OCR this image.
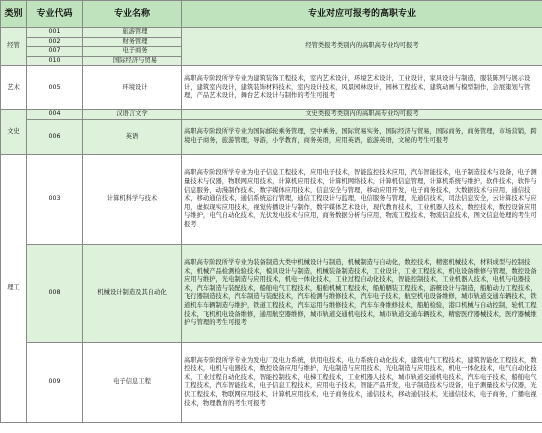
类别	专业代码	专业名称	专业对应可报考的高职专业
经管	001	旅游管理	经管类报考类别内的高职高专业均可报考
	002	财务管理	
	007	电子商务	
	010	国际经济与贸易	
艺术	005	环境设计	高职高专阶段所学专业为建筑装饰工程技术，室内艺术设计，环境艺术设计，工业设计，家具设计与制造，服装陈列与展示设计，建筑室内设计，建筑装饰材料技术，室内设计技术，风景园林设计，园林工程技术，建筑动画与模型制作，会展策划与管理，产品艺术设计，舞台艺术设计与制作的考生可报考
文史	004	汉语言文学	文史类报考类别内的高职高专业均可报考
	006	英语	高职高专阶段所学专业为国际邮轮乘务管理，空中乘务，国际贸易实务，国际经济与贸易，国际商务，商务管理，市场营销，跨境电子商务，旅游管理，导游，小学教育，商务英语，应用英语，旅游英语，文秘的考生可报考
理工	003	计算机科学与技术	高职高专阶段所学专业为电子信息工程技术，应用电子技术，智能监控技术应用，汽车智能技术，电子制造技术与设备，电子测量技术与仪器，物联网应用技术，计算机应用技术，计算机网络技术，计算机信息管理，计算机系统与维护，软件技术，软件与信息服务，动漫制作技术，数字媒体应用技术，信息安全与管理，移动应用开发，电子商务技术，大数据技术与应用，通信技术，移动通信技术，通信系统运行管理，通信工程设计与监理，电信服务与管理，光通信技术，司法信息安全，云计算技术与应用，虚拟现实应用技术，视觉传播设计与制作，数字媒体艺术设计，现代教育技术，工业机器人技术，数控技术，数控设备应用与维护，电气自动化技术，光伏发电技术与应用，商务数据分析与应用，物流工程技术，物流信息技术，图文信息处理的考生可报考
	008	机械设计制造及其自动化	高职高专阶段所学专业为装备制造大类中机械设计与制造，机械制造与自动化，数控技术，精密机械技术，材料成型与控制技术，机械产品检测检验技术，模具设计与制造，机械装备制造技术，工业设计，工业工程技术，机电设备维修与管理，数控设备应用与维护，光电制造与应用技术，机电一体化技术，工业过程自动化技术，智能控制技术，工业机器人技术，电机与电器技术，汽车制造与装配技术，船舶电气工程技术，船舶机械工程技术，船舶舾装工程技术，游艇设计与制造，船舶动力工程技术，飞行器制造技术，汽车制造与装配技术，汽车检测与维修技术，汽车电子技术，航空机电设备维修，城市轨道交通车辆技术，铁道机车车辆制造与维护，铁道工程技术，汽车运用与维修技术，汽车车身维修技术，船舶检验，港口机械与自动控制，轮机工程技术，飞机机电设备维修，通用航空器维修，城市轨道交通机电技术，城市轨道交通车辆技术，精密医疗器械技术，医疗器械维护与管理的考生可报考
	009	电子信息工程	高职高专阶段所学专业为发电厂及电力系统，供用电技术，电力系统自动化技术，建筑电气工程技术，建筑智能化工程技术，数控技术，电机与电器技术，数控设备应用与维护，光电制造与应用技术，光电制造与应用技术，机电一体化技术，电气自动化技术，工业过程自动化技术，智能控制技术，电梯工程技术，工业机器人技术，城市轨道交通机电技术，汽车电子技术，船舶电气工程技术，汽车智能技术，电子信息工程技术，应用电子技术，智能产品开发，电子制造技术与设备，电子测量技术与仪器，光伏工程技术，物联网应用技术，计算机应用技术，电子商务技术，通信技术，移动通信技术，光通信技术，电子商务，广播电视技术，物理教育的考生可报考
